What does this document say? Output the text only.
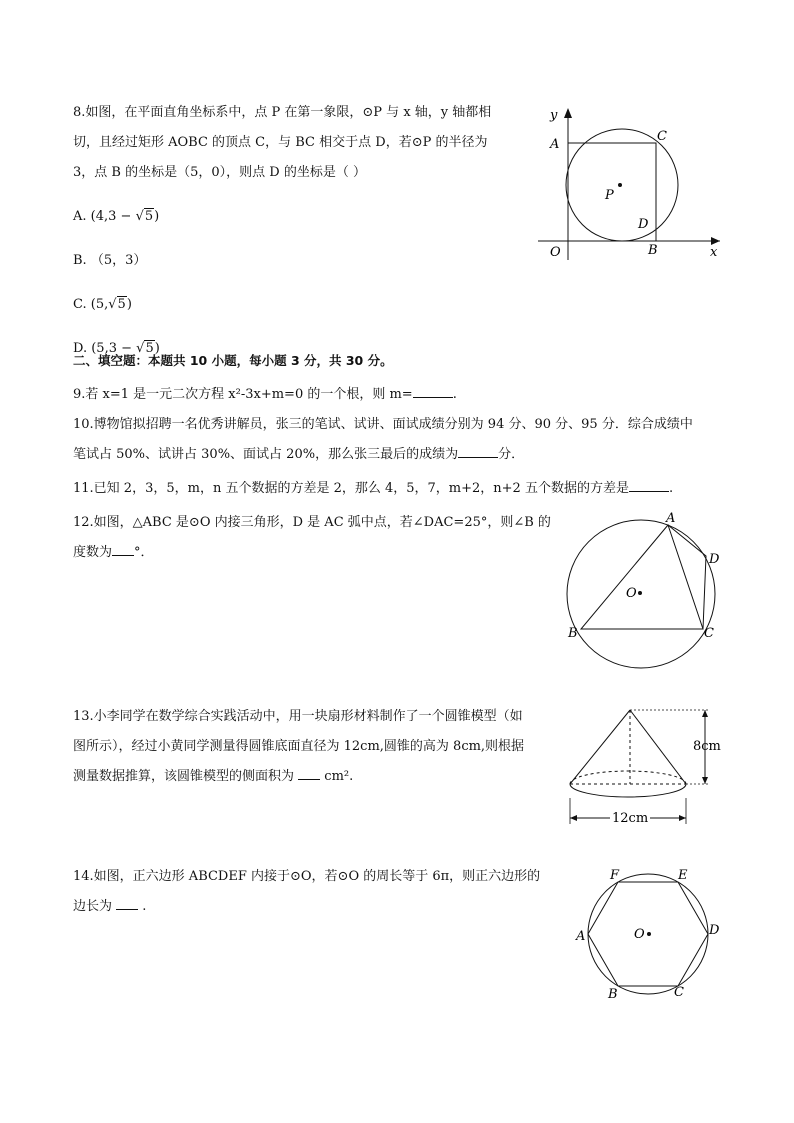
8.如图，在平面直角坐标系中，点 P 在第一象限，⊙P 与 x 轴，y 轴都相
切，且经过矩形 AOBC 的顶点 C，与 BC 相交于点 D，若⊙P 的半径为
3，点 B 的坐标是（5，0），则点 D 的坐标是（ ）
A. (4,3 − √5)
B. （5，3）
C. (5,√5)
D. (5,3 − √5)
y
x
A
C
P
D
O	B
二、填空题：本题共 10 小题，每小题 3 分，共 30 分。
9.若 x=1 是一元二次方程 x²-3x+m=0 的一个根，则 m=	.
10.博物馆拟招聘一名优秀讲解员，张三的笔试、试讲、面试成绩分别为 94 分、90 分、95 分．综合成绩中
笔试占 50%、试讲占 30%、面试占 20%，那么张三最后的成绩为	分．
11.已知 2，3，5，m，n 五个数据的方差是 2，那么 4，5，7，m+2，n+2 五个数据的方差是	.
12.如图，△ABC 是⊙O 内接三角形，D 是 AC 弧中点，若∠DAC=25°，则∠B 的
度数为 °．
A
D
O
B	C
13.小李同学在数学综合实践活动中，用一块扇形材料制作了一个圆锥模型（如
图所示），经过小黄同学测量得圆锥底面直径为 12cm,圆锥的高为 8cm,则根据
测量数据推算，该圆锥模型的侧面积为 cm².
8cm
12cm
14.如图，正六边形 ABCDEF 内接于⊙O，若⊙O 的周长等于 6π，则正六边形的
边长为 .
F	E
A	O	D
B	C
